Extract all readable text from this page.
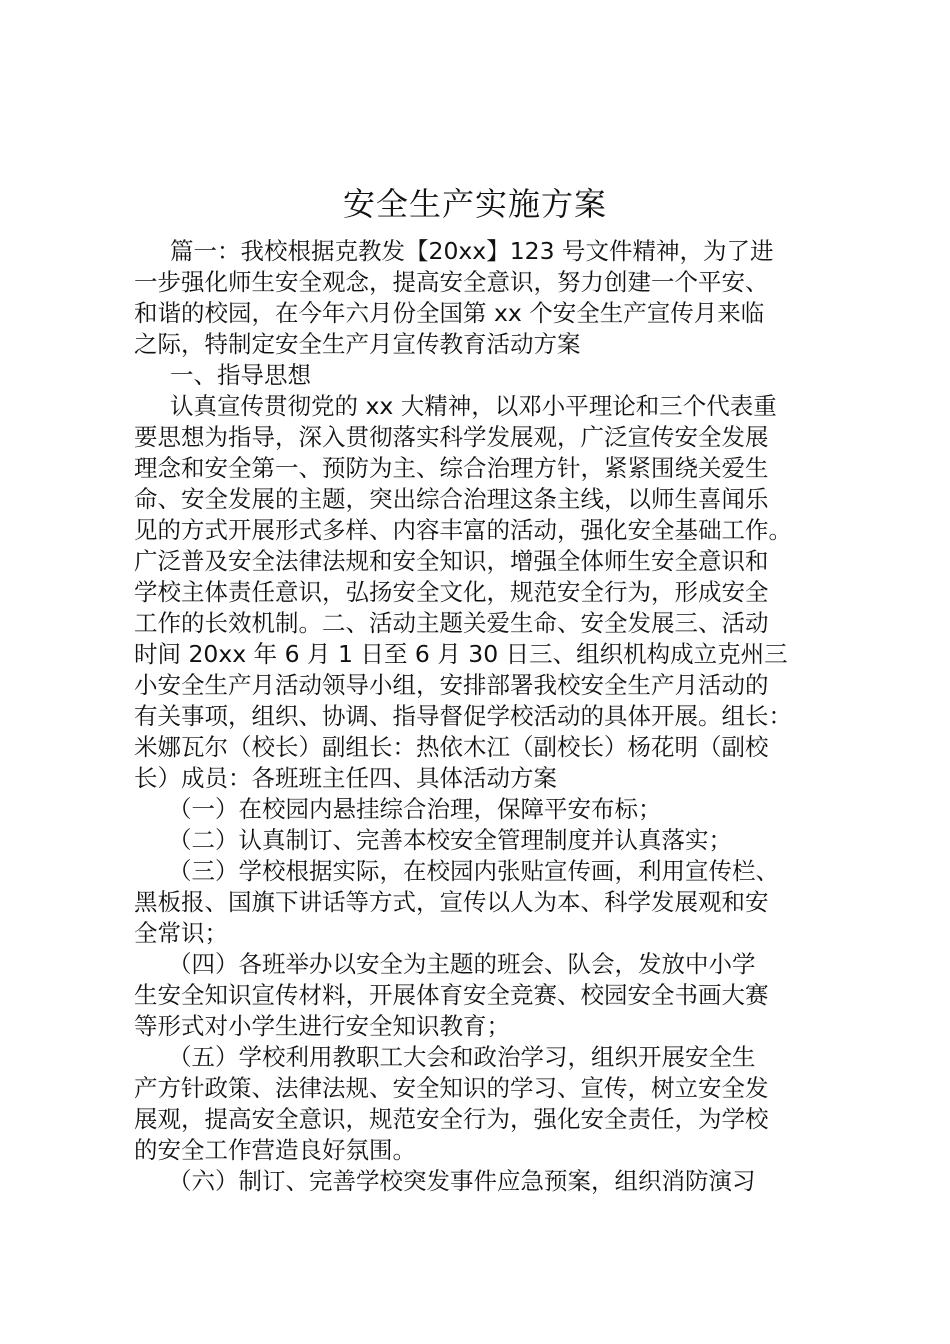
安全生产实施方案
篇一：我校根据克教发【20xx】123 号文件精神，为了进
一步强化师生安全观念，提高安全意识，努力创建一个平安、
和谐的校园，在今年六月份全国第 xx 个安全生产宣传月来临
之际，特制定安全生产月宣传教育活动方案
一、指导思想
认真宣传贯彻党的 xx 大精神，以邓小平理论和三个代表重
要思想为指导，深入贯彻落实科学发展观，广泛宣传安全发展
理念和安全第一、预防为主、综合治理方针，紧紧围绕关爱生
命、安全发展的主题，突出综合治理这条主线，以师生喜闻乐
见的方式开展形式多样、内容丰富的活动，强化安全基础工作。
广泛普及安全法律法规和安全知识，增强全体师生安全意识和
学校主体责任意识，弘扬安全文化，规范安全行为，形成安全
工作的长效机制。二、活动主题关爱生命、安全发展三、活动
时间 20xx 年 6 月 1 日至 6 月 30 日三、组织机构成立克州三
小安全生产月活动领导小组，安排部署我校安全生产月活动的
有关事项，组织、协调、指导督促学校活动的具体开展。组长：
米娜瓦尔（校长）副组长：热依木江（副校长）杨花明（副校
长）成员：各班班主任四、具体活动方案
（一）在校园内悬挂综合治理，保障平安布标；
（二）认真制订、完善本校安全管理制度并认真落实；
（三）学校根据实际，在校园内张贴宣传画，利用宣传栏、
黑板报、国旗下讲话等方式，宣传以人为本、科学发展观和安
全常识；
（四）各班举办以安全为主题的班会、队会，发放中小学
生安全知识宣传材料，开展体育安全竞赛、校园安全书画大赛
等形式对小学生进行安全知识教育；
（五）学校利用教职工大会和政治学习，组织开展安全生
产方针政策、法律法规、安全知识的学习、宣传，树立安全发
展观，提高安全意识，规范安全行为，强化安全责任，为学校
的安全工作营造良好氛围。
（六）制订、完善学校突发事件应急预案，组织消防演习
